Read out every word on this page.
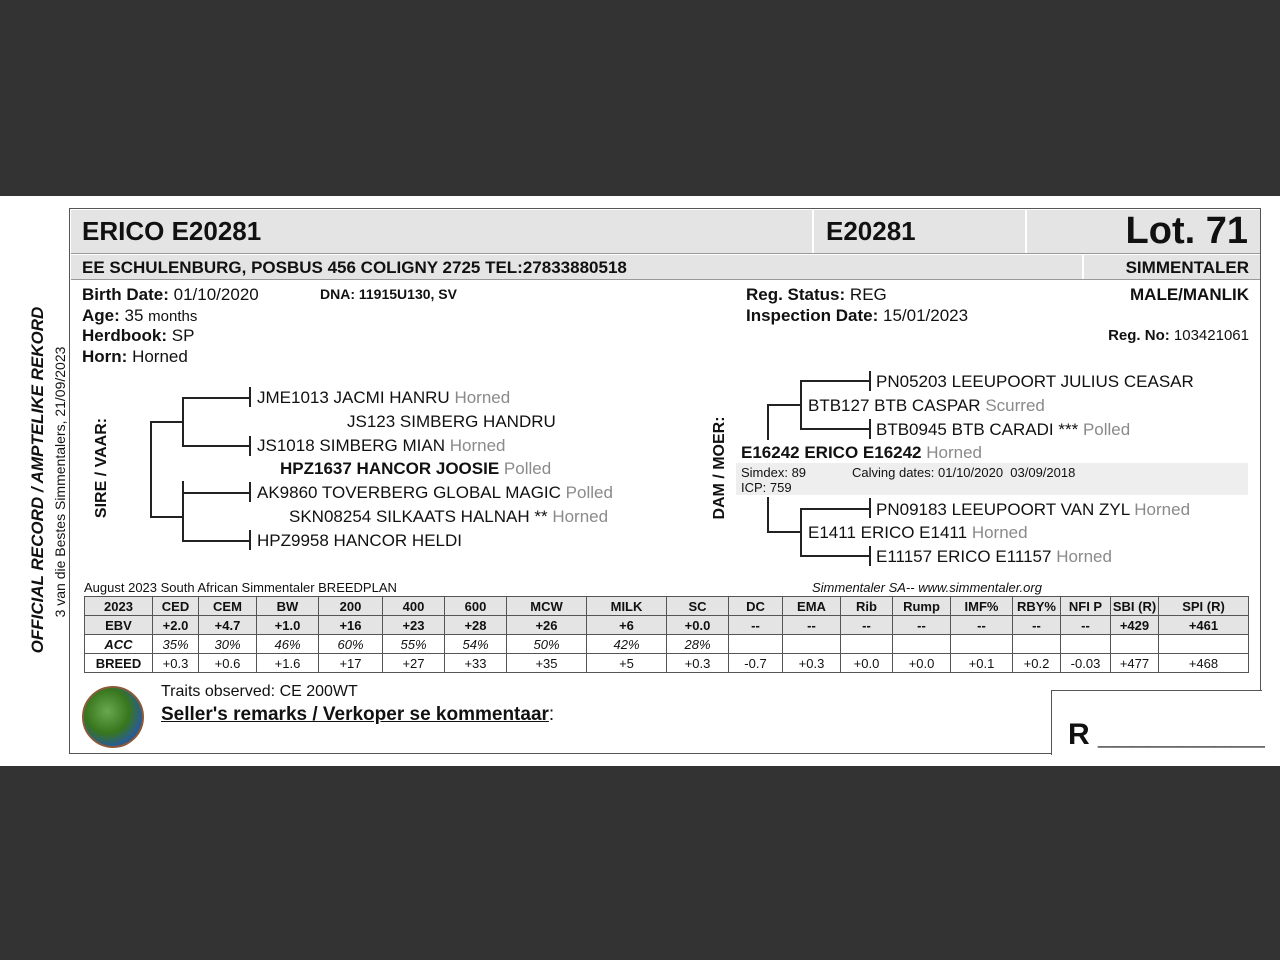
ERICO E20281	E20281	Lot. 71
EE SCHULENBURG, POSBUS 456 COLIGNY 2725 TEL:27833880518	SIMMENTALER
Birth Date: 01/10/2020	DNA: 11915U130, SV
Age: 35 months
Herdbook: SP
Horn: Horned
Reg. Status: REG
Inspection Date: 15/01/2023
MALE/MANLIK
Reg. No: 103421061
OFFICIAL RECORD / AMPTELIKE REKORD 3 van die Bestes Simmentalers, 21/09/2023 SIRE / VAAR:
JME1013 JACMI HANRU Horned
JS123 SIMBERG HANDRU
JS1018 SIMBERG MIAN Horned
HPZ1637 HANCOR JOOSIE Polled
AK9860 TOVERBERG GLOBAL MAGIC Polled
SKN08254 SILKAATS HALNAH ** Horned
HPZ9958 HANCOR HELDI
DAM / MOER:
PN05203 LEEUPOORT JULIUS CEASAR
BTB127 BTB CASPAR Scurred
BTB0945 BTB CARADI *** Polled
E16242 ERICO E16242 Horned
Simdex: 89	Calving dates: 01/10/2020  03/09/2018
ICP: 759
PN09183 LEEUPOORT VAN ZYL Horned
E1411 ERICO E1411 Horned
E11157 ERICO E11157 Horned
August 2023 South African Simmentaler BREEDPLAN	Simmentaler SA-- www.simmentaler.org
2023	CED	CEM	BW	200	400	600	MCW	MILK	SC	DC	EMA	Rib	Rump	IMF%	RBY%	NFI P	SBI (R)	SPI (R)
EBV	+2.0	+4.7	+1.0	+16	+23	+28	+26	+6	+0.0	--	--	--	--	--	--	--	+429	+461
ACC	35%	30%	46%	60%	55%	54%	50%	42%	28%									
BREED	+0.3	+0.6	+1.6	+17	+27	+33	+35	+5	+0.3	-0.7	+0.3	+0.0	+0.0	+0.1	+0.2	-0.03	+477	+468
Traits observed: CE 200WT
Seller's remarks / Verkoper se kommentaar:
R __________
